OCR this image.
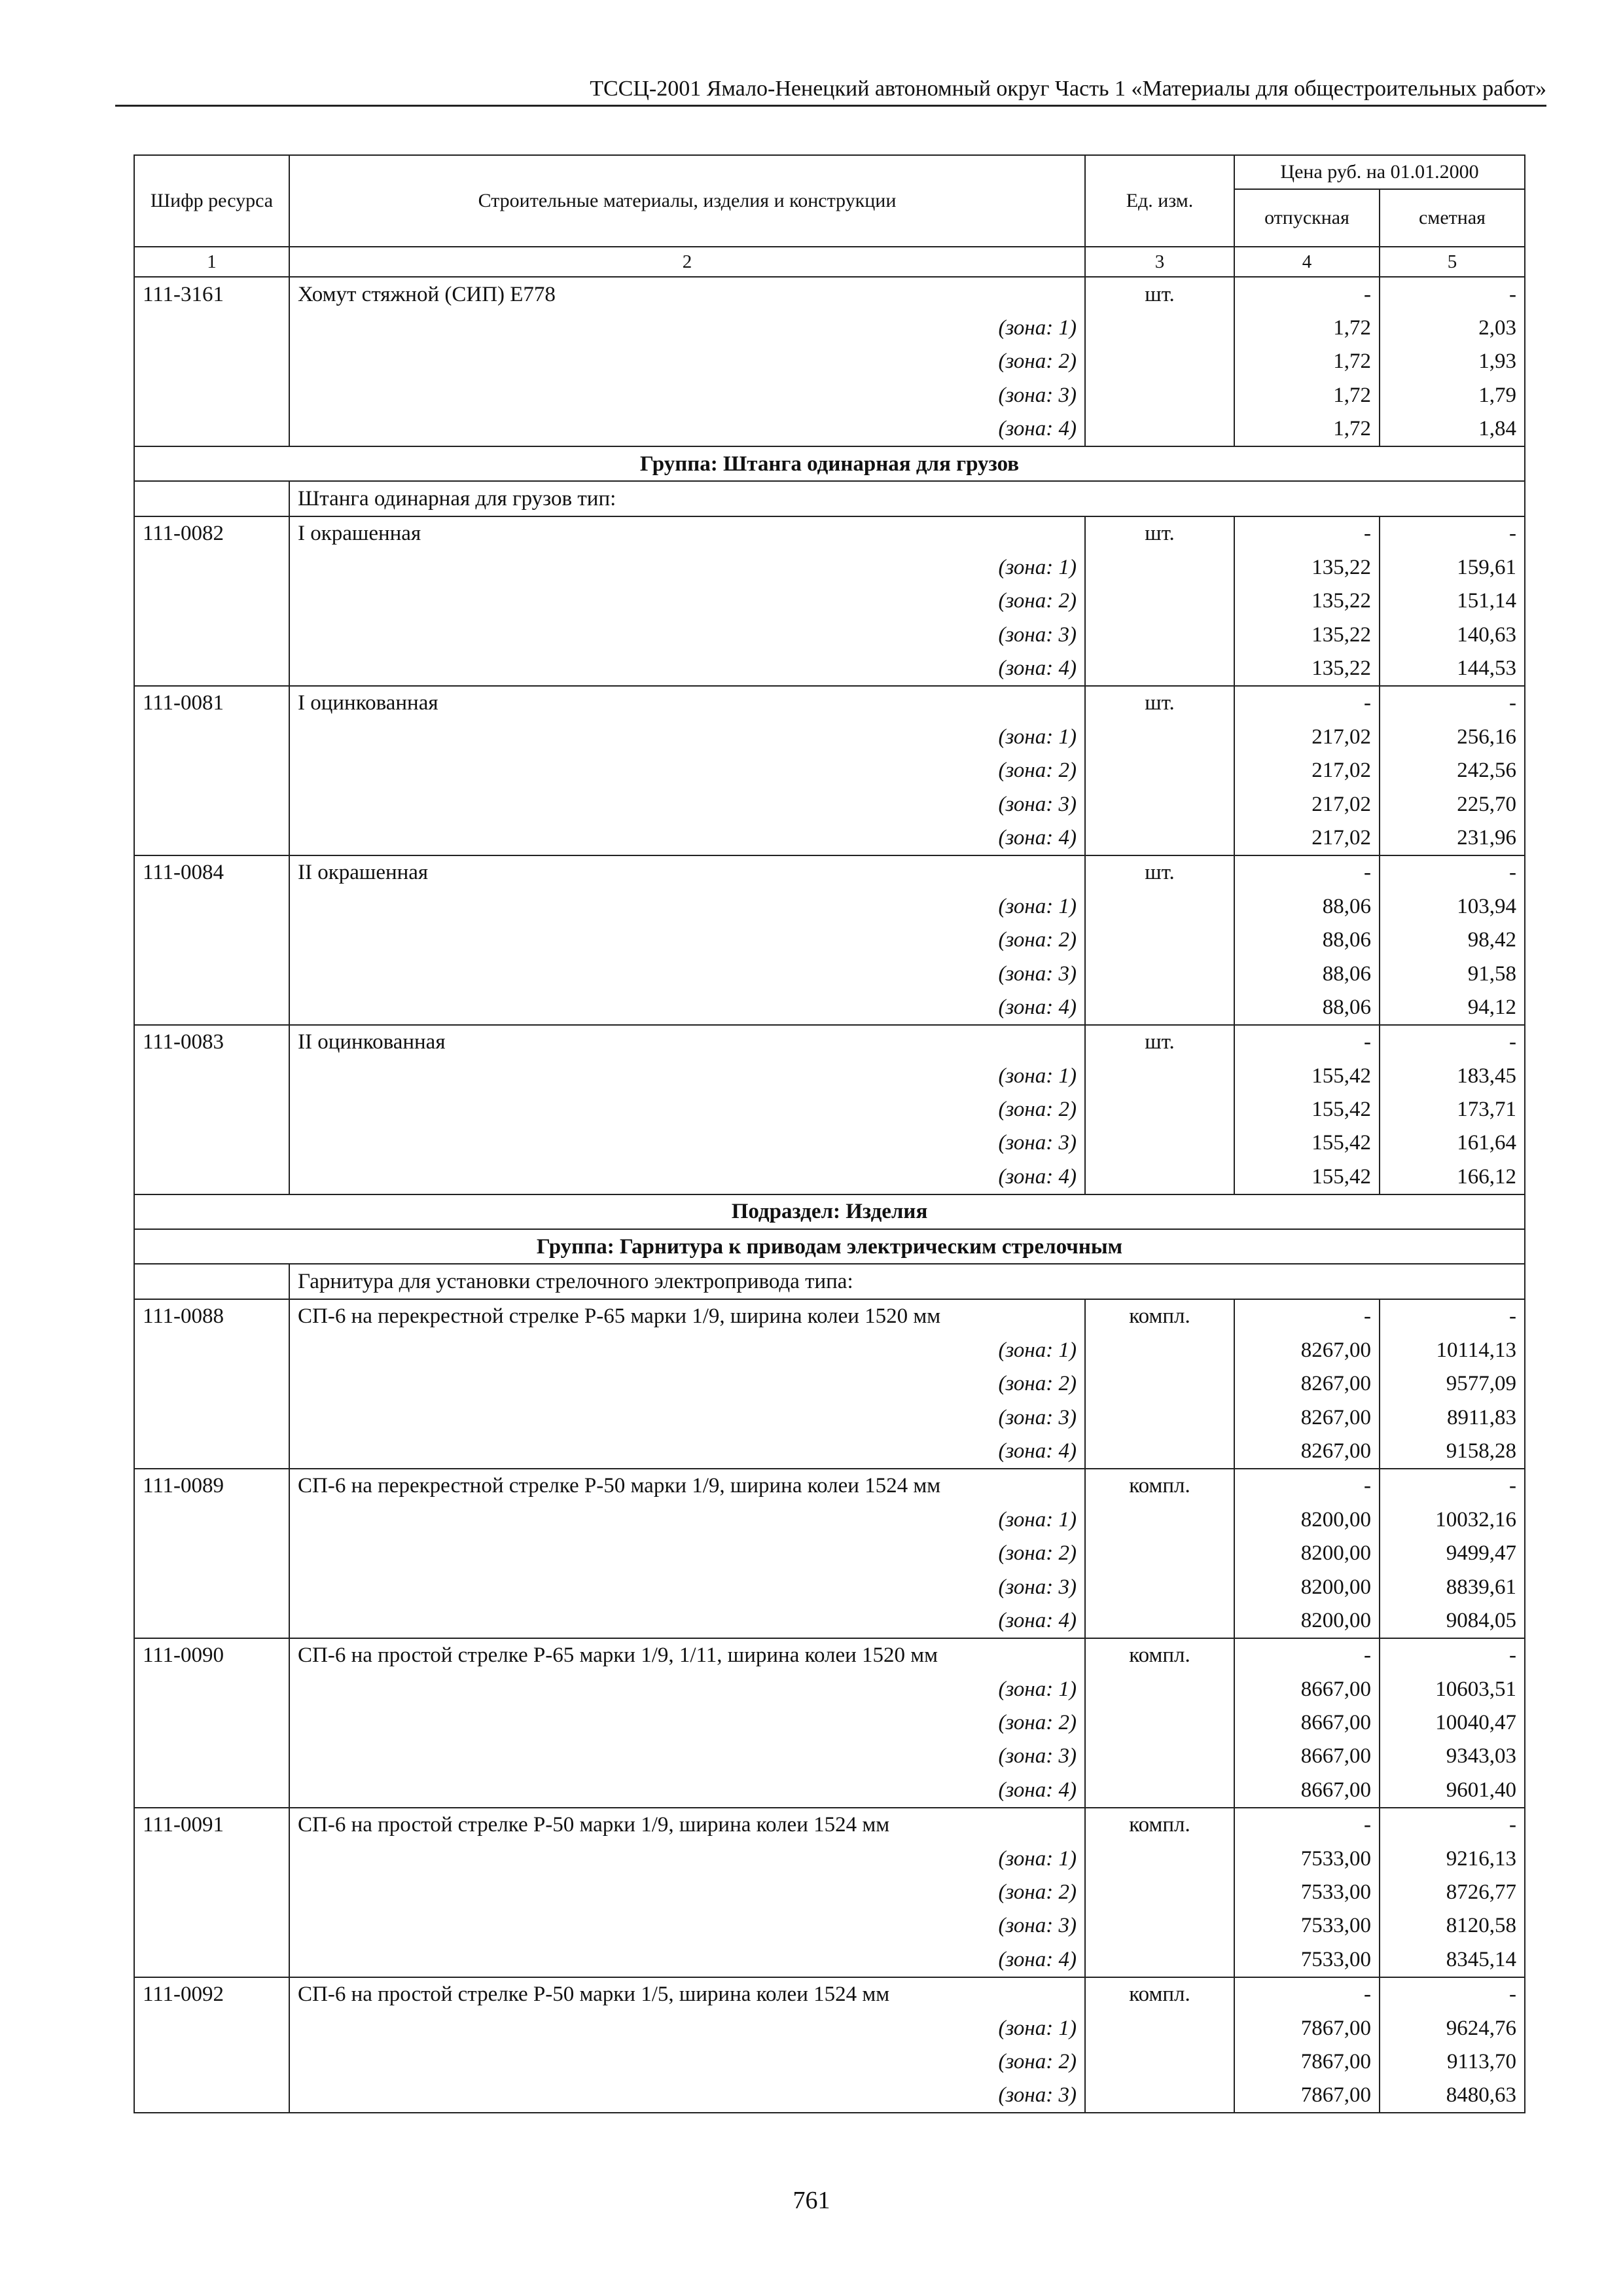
ТССЦ-2001 Ямало-Ненецкий автономный округ Часть 1 «Материалы для общестроительных работ»
Шифр ресурса	Строительные материалы, изделия и конструкции	Ед. изм.	Цена руб. на 01.01.2000	
			отпускная	сметная
1	2	3	4	5
111-3161	Хомут стяжной (СИП) Е778	шт.	-	-
	(зона: 1)		1,72	2,03
	(зона: 2)		1,72	1,93
	(зона: 3)		1,72	1,79
	(зона: 4)		1,72	1,84
Группа: Штанга одинарная для грузов				
	Штанга одинарная для грузов тип:			
111-0082	I окрашенная	шт.	-	-
	(зона: 1)		135,22	159,61
	(зона: 2)		135,22	151,14
	(зона: 3)		135,22	140,63
	(зона: 4)		135,22	144,53
111-0081	I оцинкованная	шт.	-	-
	(зона: 1)		217,02	256,16
	(зона: 2)		217,02	242,56
	(зона: 3)		217,02	225,70
	(зона: 4)		217,02	231,96
111-0084	II окрашенная	шт.	-	-
	(зона: 1)		88,06	103,94
	(зона: 2)		88,06	98,42
	(зона: 3)		88,06	91,58
	(зона: 4)		88,06	94,12
111-0083	II оцинкованная	шт.	-	-
	(зона: 1)		155,42	183,45
	(зона: 2)		155,42	173,71
	(зона: 3)		155,42	161,64
	(зона: 4)		155,42	166,12
Подраздел: Изделия				
Группа: Гарнитура к приводам электрическим стрелочным				
	Гарнитура для установки стрелочного электропривода типа:			
111-0088	СП-6 на перекрестной стрелке Р-65 марки 1/9, ширина колеи 1520 мм	компл.	-	-
	(зона: 1)		8267,00	10114,13
	(зона: 2)		8267,00	9577,09
	(зона: 3)		8267,00	8911,83
	(зона: 4)		8267,00	9158,28
111-0089	СП-6 на перекрестной стрелке Р-50 марки 1/9, ширина колеи 1524 мм	компл.	-	-
	(зона: 1)		8200,00	10032,16
	(зона: 2)		8200,00	9499,47
	(зона: 3)		8200,00	8839,61
	(зона: 4)		8200,00	9084,05
111-0090	СП-6 на простой стрелке Р-65 марки 1/9, 1/11, ширина колеи 1520 мм	компл.	-	-
	(зона: 1)		8667,00	10603,51
	(зона: 2)		8667,00	10040,47
	(зона: 3)		8667,00	9343,03
	(зона: 4)		8667,00	9601,40
111-0091	СП-6 на простой стрелке Р-50 марки 1/9, ширина колеи 1524 мм	компл.	-	-
	(зона: 1)		7533,00	9216,13
	(зона: 2)		7533,00	8726,77
	(зона: 3)		7533,00	8120,58
	(зона: 4)		7533,00	8345,14
111-0092	СП-6 на простой стрелке Р-50 марки 1/5, ширина колеи 1524 мм	компл.	-	-
	(зона: 1)		7867,00	9624,76
	(зона: 2)		7867,00	9113,70
	(зона: 3)		7867,00	8480,63
761
